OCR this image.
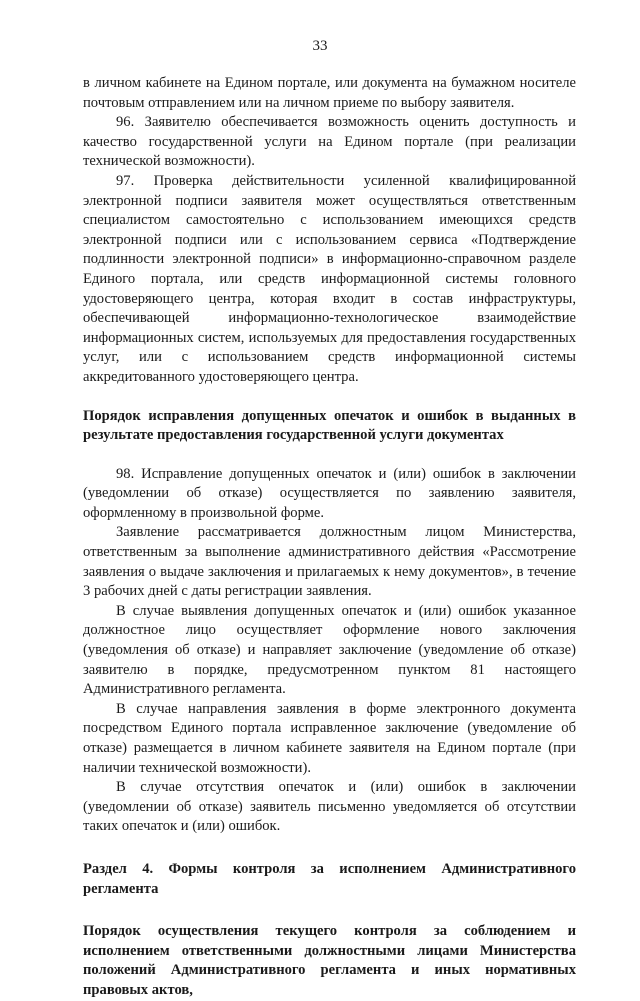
33

в личном кабинете на Едином портале, или документа на бумажном носителе почтовым отправлением или на личном приеме по выбору заявителя.

96. Заявителю обеспечивается возможность оценить доступность и качество государственной услуги на Едином портале (при реализации технической возможности).

97. Проверка действительности усиленной квалифицированной электронной подписи заявителя может осуществляться ответственным специалистом самостоятельно с использованием имеющихся средств электронной подписи или с использованием сервиса «Подтверждение подлинности электронной подписи» в информационно-справочном разделе Единого портала, или средств информационной системы головного удостоверяющего центра, которая входит в состав инфраструктуры, обеспечивающей информационно-технологическое взаимодействие информационных систем, используемых для предоставления государственных услуг, или с использованием средств информационной системы аккредитованного удостоверяющего центра.

Порядок исправления допущенных опечаток и ошибок в выданных в результате предоставления государственной услуги документах

98. Исправление допущенных опечаток и (или) ошибок в заключении (уведомлении об отказе) осуществляется по заявлению заявителя, оформленному в произвольной форме.

Заявление рассматривается должностным лицом Министерства, ответственным за выполнение административного действия «Рассмотрение заявления о выдаче заключения и прилагаемых к нему документов», в течение 3 рабочих дней с даты регистрации заявления.

В случае выявления допущенных опечаток и (или) ошибок указанное должностное лицо осуществляет оформление нового заключения (уведомления об отказе) и направляет заключение (уведомление об отказе) заявителю в порядке, предусмотренном пунктом 81 настоящего Административного регламента.

В случае направления заявления в форме электронного документа посредством Единого портала исправленное заключение (уведомление об отказе) размещается в личном кабинете заявителя на Едином портале (при наличии технической возможности).

В случае отсутствия опечаток и (или) ошибок в заключении (уведомлении об отказе) заявитель письменно уведомляется об отсутствии таких опечаток и (или) ошибок.

Раздел 4. Формы контроля за исполнением Административного регламента

Порядок осуществления текущего контроля за соблюдением и исполнением ответственными должностными лицами Министерства положений Административного регламента и иных нормативных правовых актов,
